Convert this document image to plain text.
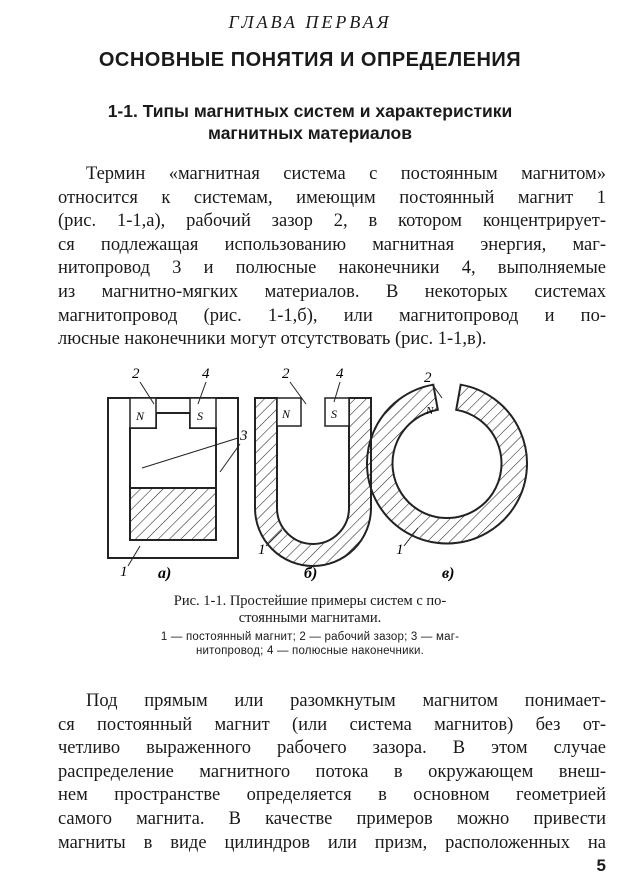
ГЛАВА ПЕРВАЯ
ОСНОВНЫЕ ПОНЯТИЯ И ОПРЕДЕЛЕНИЯ
1-1. Типы магнитных систем и характеристики
магнитных материалов
Термин «магнитная система с постоянным магнитом»
относится к системам, имеющим постоянный магнит 1
(рис. 1-1,а), рабочий зазор 2, в котором концентрирует-
ся подлежащая использованию магнитная энергия, маг-
нитопровод 3 и полюсные наконечники 4, выполняемые
из магнитно-мягких материалов. В некоторых системах
магнитопровод (рис. 1-1,б), или магнитопровод и по-
люсные наконечники могут отсутствовать (рис. 1-1,в).
N	S
2	4
3
1 а)
N	S
2	4
1
б)
N
2
1
в)
Рис. 1-1. Простейшие примеры систем с по-
стоянными магнитами.
1 — постоянный магнит; 2 — рабочий зазор; 3 — маг-
нитопровод; 4 — полюсные наконечники.
Под прямым или разомкнутым магнитом понимает-
ся постоянный магнит (или система магнитов) без от-
четливо выраженного рабочего зазора. В этом случае
распределение магнитного потока в окружающем внеш-
нем пространстве определяется в основном геометрией
самого магнита. В качестве примеров можно привести
магниты в виде цилиндров или призм, расположенных на
5
